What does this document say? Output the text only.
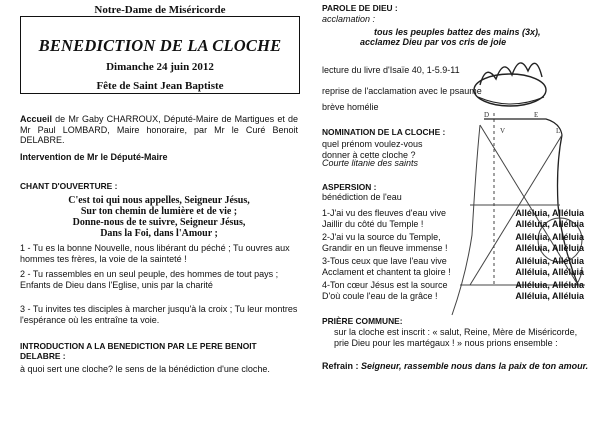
Notre-Dame de Miséricorde
BENEDICTION DE LA CLOCHE
Dimanche 24 juin 2012
Fête de Saint Jean Baptiste
Accueil de Mr Gaby CHARROUX, Député-Maire de Martigues et de Mr Paul LOMBARD, Maire honoraire, par Mr le Curé Benoit DELABRE.
Intervention de Mr le Député-Maire
CHANT D'OUVERTURE :
C'est toi qui nous appelles, Seigneur Jésus,
Sur ton chemin de lumière et de vie ;
Donne-nous de te suivre, Seigneur Jésus,
Dans la Foi, dans l'Amour ;
1 - Tu es la bonne Nouvelle, nous libérant du péché ; Tu ouvres aux hommes tes frères, la voie de la sainteté !
2 - Tu rassembles en un seul peuple, des hommes de tout pays ; Enfants de Dieu dans l'Eglise, unis par la charité
3 - Tu invites tes disciples à marcher jusqu'à la croix ; Tu leur montres l'espérance où les entraîne ta voie.
INTRODUCTION A LA BENEDICTION PAR LE PERE BENOIT DELABRE :
à quoi sert une cloche? le sens de la bénédiction d'une cloche.
D	E
L
V
PAROLE DE DIEU :
acclamation :
tous les peuples battez des mains (3x),
acclamez Dieu par vos cris de joie
lecture du livre d'Isaïe 40, 1-5.9-11
reprise de l'acclamation avec le psaume
brève homélie
NOMINATION DE LA CLOCHE :
quel prénom voulez-vous donner à cette cloche ?
Courte litanie des saints
ASPERSION :
bénédiction de l'eau
1-J'ai vu des fleuves d'eau vive	Alléluia, Alléluia
Jaillir du côté du Temple !	Alléluia, Alléluia
2-J'ai vu la source du Temple,	Alléluia, Alléluia
Grandir en un fleuve immense !	Alléluia, Alléluia
3-Tous ceux que lave l'eau vive	Alléluia, Alléluia
Acclament et chantent ta gloire !	Alléluia, Alléluia
4-Ton cœur Jésus est la source	Alléluia, Alléluia
D'où coule l'eau de la grâce !	Alléluia, Alléluia
PRIÈRE COMMUNE:
sur la cloche est inscrit : « salut, Reine, Mère de Miséricorde, prie Dieu pour les martégaux ! » nous prions ensemble :
Refrain : Seigneur, rassemble nous dans la paix de ton amour.
